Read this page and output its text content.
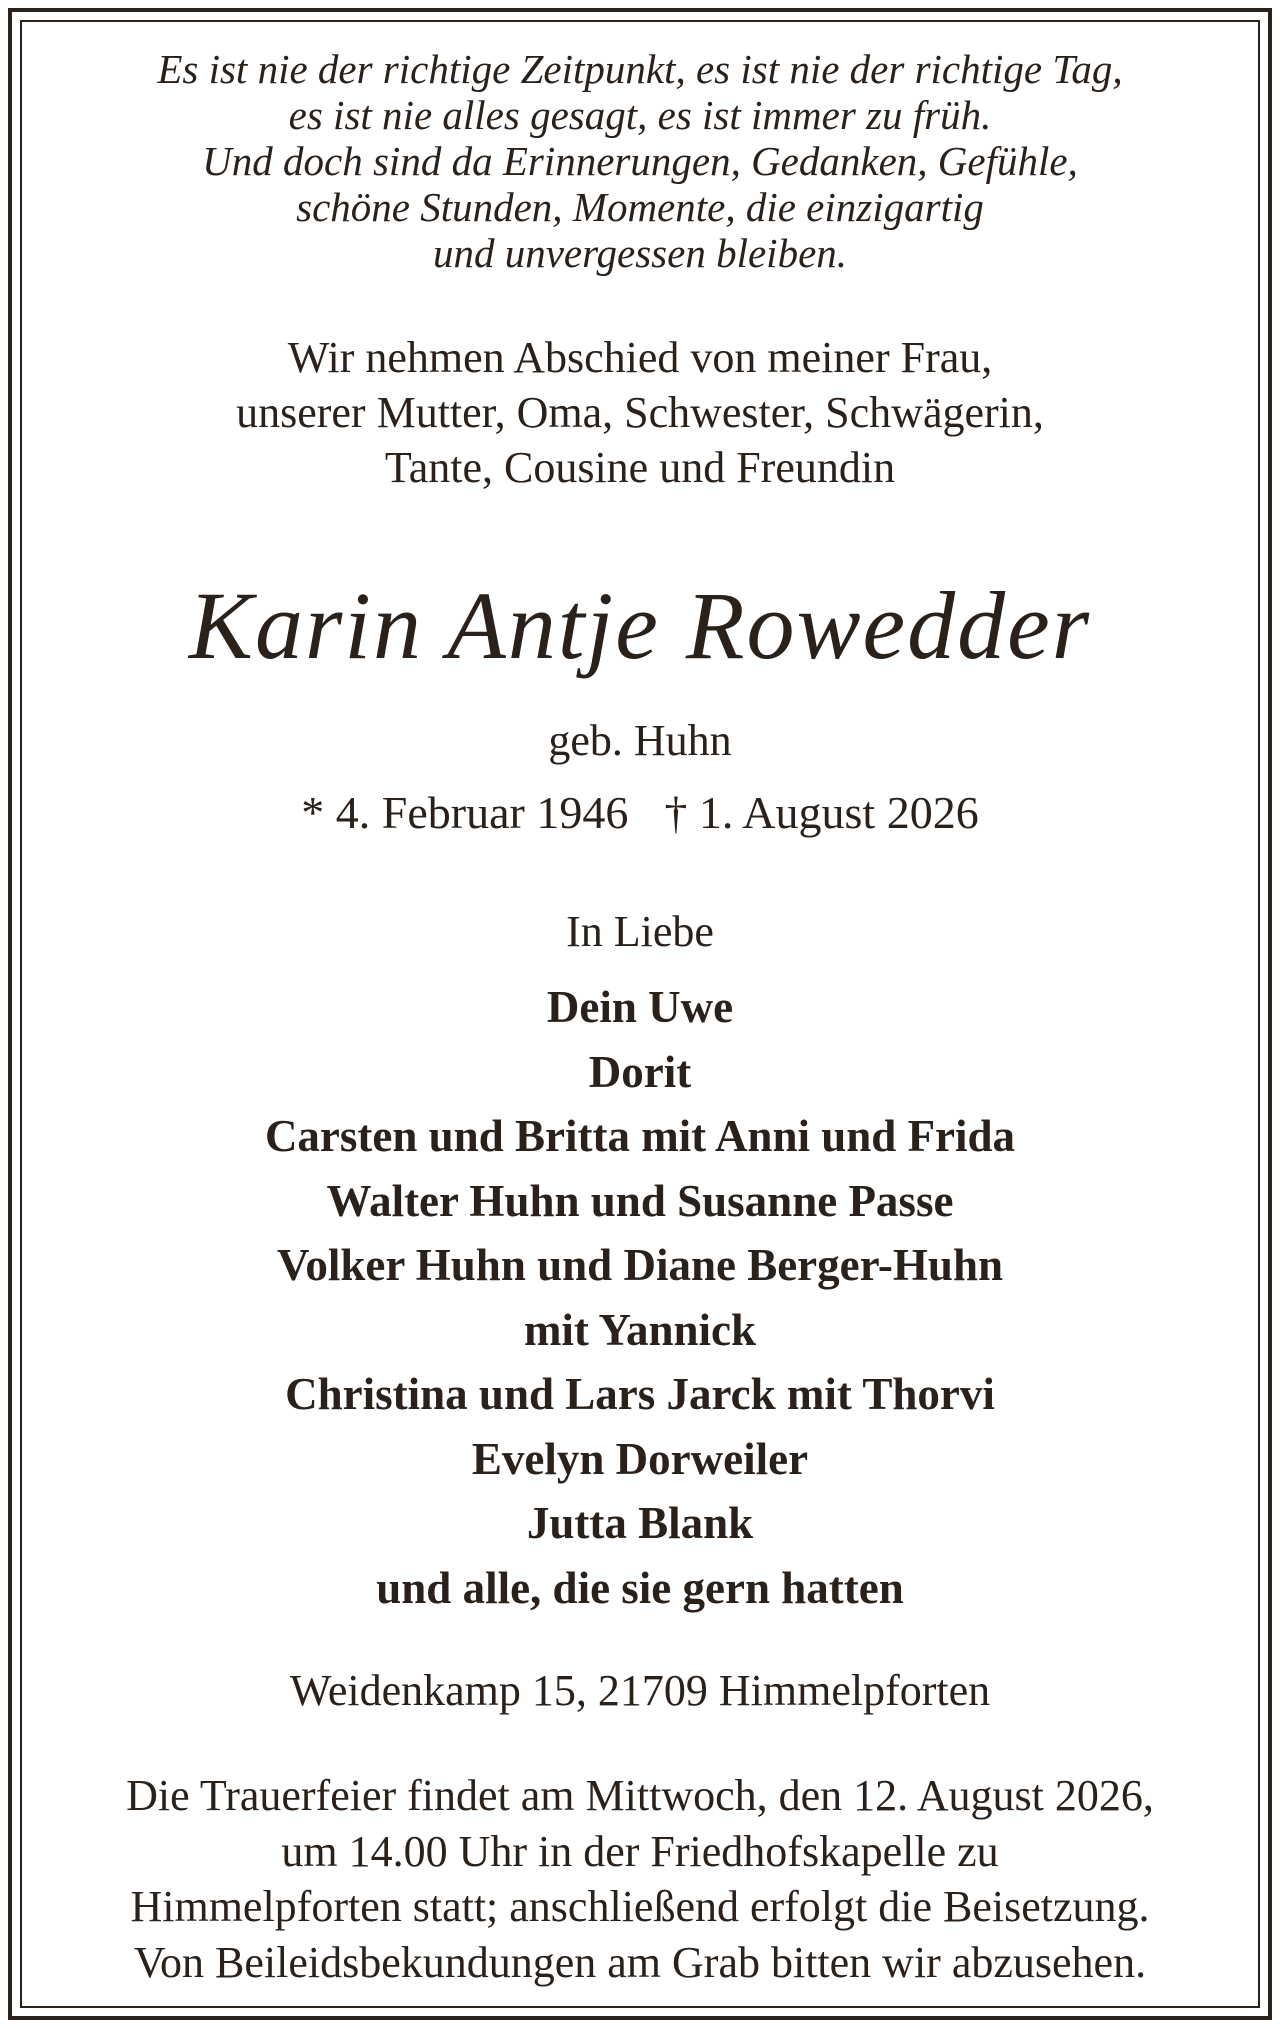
Es ist nie der richtige Zeitpunkt, es ist nie der richtige Tag,
es ist nie alles gesagt, es ist immer zu früh.
Und doch sind da Erinnerungen, Gedanken, Gefühle,
schöne Stunden, Momente, die einzigartig
und unvergessen bleiben.
Wir nehmen Abschied von meiner Frau,
unserer Mutter, Oma, Schwester, Schwägerin,
Tante, Cousine und Freundin
Karin Antje Rowedder
geb. Huhn
* 4. Februar 1946 † 1. August 2026
In Liebe
Dein Uwe
Dorit
Carsten und Britta mit Anni und Frida
Walter Huhn und Susanne Passe
Volker Huhn und Diane Berger-Huhn
mit Yannick
Christina und Lars Jarck mit Thorvi
Evelyn Dorweiler
Jutta Blank
und alle, die sie gern hatten
Weidenkamp 15, 21709 Himmelpforten
Die Trauerfeier findet am Mittwoch, den 12. August 2026,
um 14.00 Uhr in der Friedhofskapelle zu
Himmelpforten statt; anschließend erfolgt die Beisetzung.
Von Beileidsbekundungen am Grab bitten wir abzusehen.
